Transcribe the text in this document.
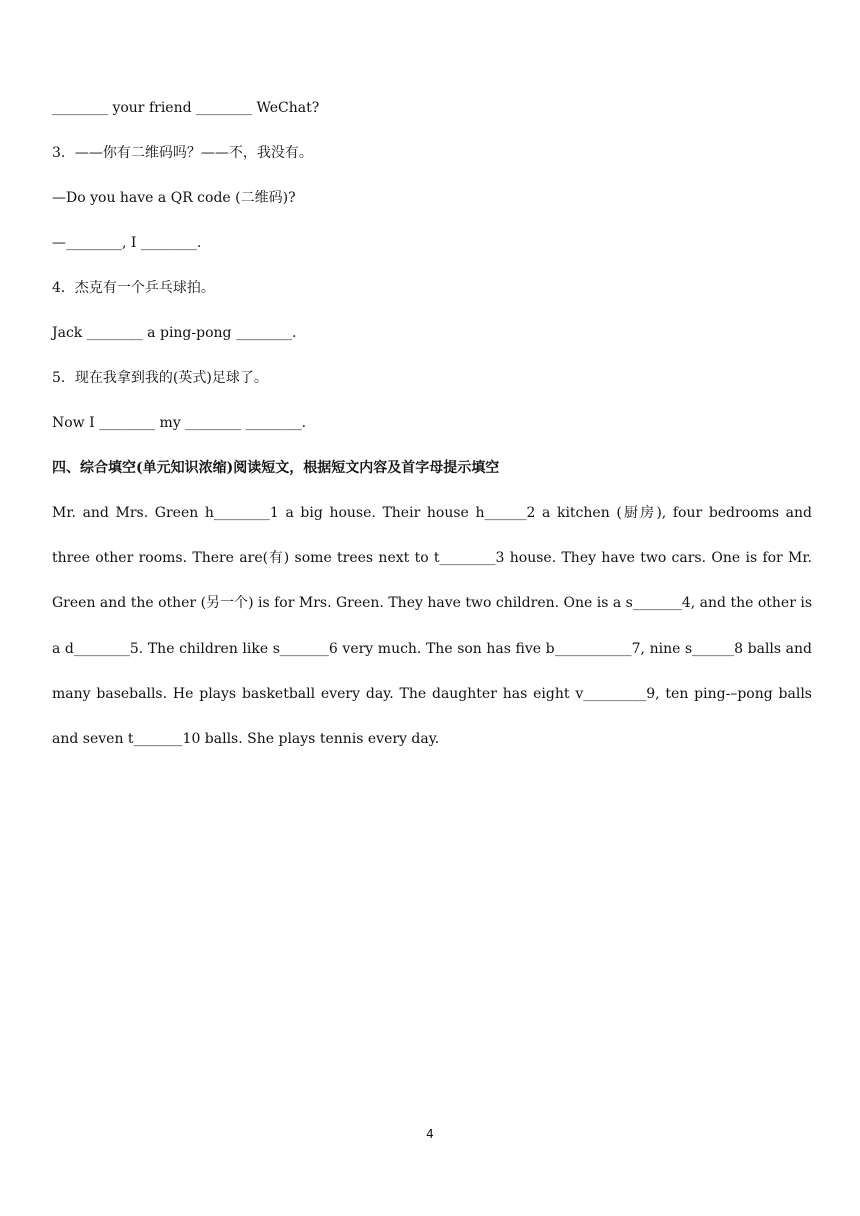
________ your friend ________ WeChat?

3．——你有二维码吗？——不，我没有。

—Do you have a QR code (二维码)?

—________, I ________.

4．杰克有一个乒乓球拍。

Jack ________ a ping-pong ________.

5．现在我拿到我的(英式)足球了。

Now I ________ my ________ ________.

四、综合填空(单元知识浓缩)阅读短文，根据短文内容及首字母提示填空

Mr. and Mrs. Green h________1 a big house. Their house h______2 a kitchen (厨房), four bedrooms and three other rooms. There are(有) some trees next to t________3 house. They have two cars. One is for Mr. Green and the other (另一个) is for Mrs. Green. They have two children. One is a s_______4, and the other is a d________5. The children like s_______6 very much. The son has five b___________7, nine s______8 balls and many baseballs. He plays basketball every day. The daughter has eight v_________9, ten ping-–pong balls and seven t_______10 balls. She plays tennis every day.

4
